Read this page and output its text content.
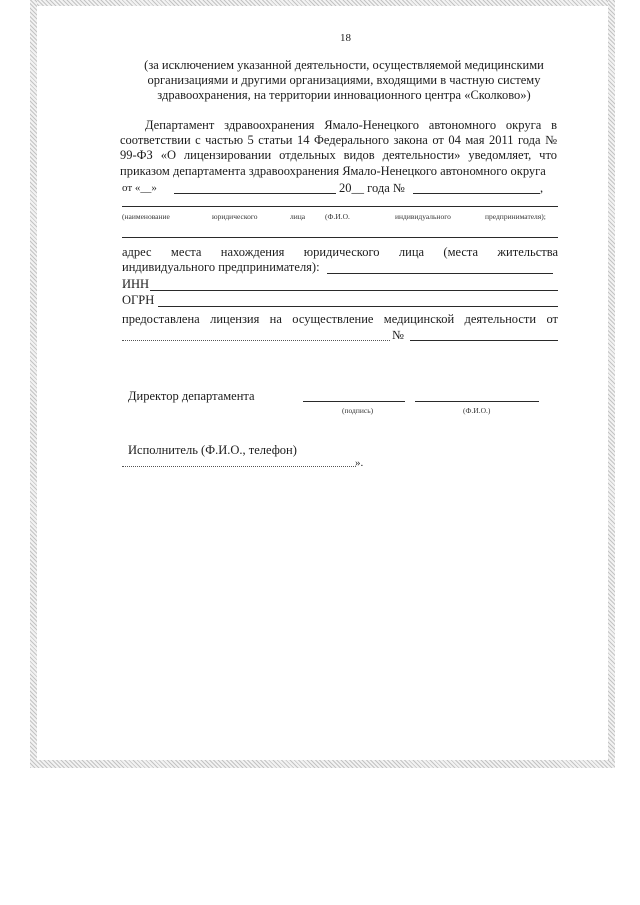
18
(за исключением указанной деятельности, осуществляемой медицинскими
организациями и другими организациями, входящими в частную систему
здравоохранения, на территории инновационного центра «Сколково»)
Департамент здравоохранения Ямало-Ненецкого автономного округа в
соответствии с частью 5 статьи 14 Федерального закона от 04 мая 2011 года №
99-ФЗ «О лицензировании отдельных видов деятельности» уведомляет, что
приказом департамента здравоохранения Ямало-Ненецкого автономного округа
от «__»	20__ года №	,
(наименование	юридического	лица	(Ф.И.О.	индивидуального	предпринимателя);
адрес места нахождения юридического лица (места жительства
индивидуального предпринимателя):
ИНН
ОГРН
предоставлена лицензия на осуществление медицинской деятельности от
№
Директор департамента
(подпись)	(Ф.И.О.)
Исполнитель (Ф.И.О., телефон)
».
